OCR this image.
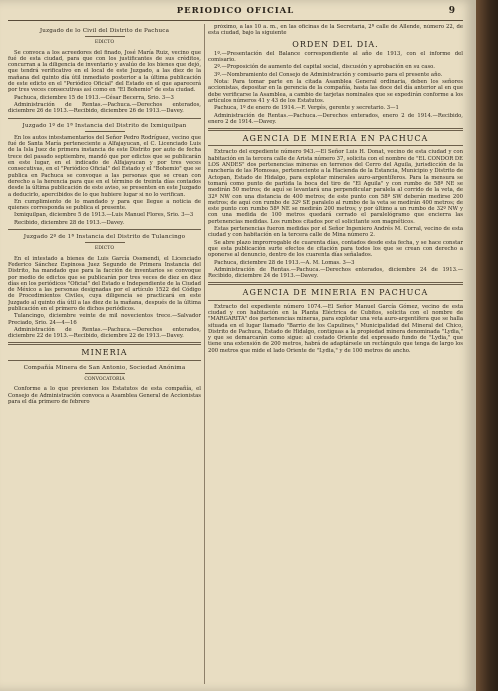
PERIODICO OFICIAL	9
Juzgado de lo Civil del Distrito de Pachuca
EDICTO

Se convoca a los acreedores del finado, José María Ruiz, vecino que fué de esta ciudad, para que con los justificantes de sus créditos, concurran a la diligencia de inventario y avalúo de los bienes que dejó, que tendrá verificativo en el local de este Juzgado, a las diez de la mañana del quinto día útil inmediato posterior a la última publicación de este edicto en el "Periódico Oficial" del Estado en el que aparecerá por tres veces consecutivas así como en "El Bohemio" de esta ciudad.

Pachuca, diciembre 15 de 1913.—César Becerra, Srio. 3—3

Administración de Rentas.—Pachuca.—Derechos enterados, diciembre 26 de 1913.—Recibido, diciembre 26 de 1913.—Davey.

Juzgado 1º de 1ª Instancia del Distrito de Ixmiquilpan

En los autos intestamentarios del Señor Pedro Rodríguez, vecino que fué de Santa María perteneciente a Alfajayucan, el C. Licenciado Luis de la Isla Juez de primera instancia de este Distrito por auto de fecha trece del pasado septiembre, mandó que por edictos que se publicarán en este lugar, en el indicado de Alfajayucan y por tres veces consecutivas, en el "Periódico Oficial" del Estado y el "Bohemio" que se publica en Pachuca se convoque a las personas que se crean con derecho a la herencia para que en el término de treinta días contados desde la última publicación de este aviso, se presenten en este Juzgado a deducirlo, apercibidos de lo que hubiere lugar si no lo verifican.

En cumplimiento de lo mandado y para que llegue a noticia de quienes corresponda se publica el presente.

Ixmiquilpan, diciembre 5 de 1913.—Luis Manuel Flores, Srio. 3—3

Recibido, diciembre 28 de 1913.—Davey.

Juzgado 2º de 1ª Instancia del Distrito de Tulancingo
EDICTO

En el intestado a bienes de Luis García Ossmendi, el Licenciado Federico Sánchez Espinosa Juez Segundo de Primera Instancia del Distrito, ha mandado que para la facción de inventarios se convoque por medio de edictos que se publicarán por tres veces de diez en diez días en los periódicos "Oficial" del Estado e Independiente de la Ciudad de México a las personas designadas por el artículo 1522 del Código de Procedimientos Civiles, cuya diligencia se practicará en este Juzgado al quinto día útil a las diez de la mañana, después de la última publicación en el primero de dichos periódicos.

Tulancingo, diciembre veinte de mil novecientos trece.—Salvador Preciado, Srio. 24—4—16

Administración de Rentas.—Pachuca.—Derechos enterados, diciembre 22 de 1913.—Recibido, diciembre 22 de 1913.—Davey.

MINERIA
Compañía Minera de San Antonio, Sociedad Anónima
CONVOCATORIA

Conforme a lo que previenen los Estatutos de esta compañía, el Consejo de Administración convoca a Asamblea General de Accionistas para el día primero de febrero

próximo, a las 10 a. m., en las oficinas de la Secretaría, 2ª calle de Allende, número 22, de esta ciudad, bajo la siguiente

ORDEN DEL DIA.

1º.—Presentación del Balance correspondiente al año de 1913, con el informe del comisario.

2º.—Proposición de aumento del capital social, discusión y aprobación en su caso.

3º.—Nombramiento del Consejo de Administración y comisario para el presente año.

Nota: Para tomar parte en la citada Asamblea General ordinaria, deben los señores accionistas, depositar en la gerencia de la compañía, hasta las doce del día anterior al en que debe verificarse la Asamblea, a cambio de tarjetas nominales que se expedirán conforme a los artículos números 41 y 43 de los Estatutos.

Pachuca, 1º de enero de 1914.—F. Vergés, gerente y secretario. 3—1

Administración de Rentas.—Pachuca.—Derechos enterados, enero 2 de 1914.—Recibido, enero 2 de 1914.—Davey.

AGENCIA DE MINERIA EN PACHUCA

Extracto del expediente número 943.—El Señor Luis H. Donat, vecino de esta ciudad y con habitación en la tercera calle de Arista número 37, solicita con el nombre de "EL CONDOR DE LOS ANDES" dos pertenencias mineras en terrenos del Cerro del Aguila, jurisdicción de la ranchería de las Plomosas, perteneciente a la Hacienda de la Estancia, Municipio y Distrito de Actopan, Estado de Hidalgo, para explotar minerales auro-argentíferos. Para la mensura se tomará como punto de partida la boca del tiro de "El Aguila" y con rumbo de 58º NE se medirán 50 metros; de aquí se levantará una perpendicular paralela al corrido de la veta, de 32º NW con una distancia de 400 metros; de este punto con 58º SW deberán medirse 200 metros; de aquí con rumbo de 32º SE paralelo al rumbo de la veta se medirán 400 metros; de este punto con rumbo 58º NE se medirán 200 metros; y por último a un rumbo de 32º NW y con una medida de 100 metros quedará cerrado el paralelógramo que encierra las pertenencias medidas. Los rumbos citados por el solicitante son magnéticos.

Estas pertenencias fueron medidas por el Señor Ingeniero Andrés M. Corral, vecino de esta ciudad y con habitación en la tercera calle de Mina número 2.

Se abre plazo improrrogable de cuarenta días, contados desde esta fecha, y se hace constar que esta publicación surte efectos de citación para todos los que se crean con derecho a oponerse al denuncio, dentro de los cuarenta días señalados.

Pachuca, diciembre 28 de 1913.—A. M. Lomas. 3—3

Administración de Rentas.—Pachuca.—Derechos enterados, diciembre 24 de 1913.—Recibido, diciembre 24 de 1913.—Davey.

AGENCIA DE MINERIA EN PACHUCA

Extracto del expediente número 1074.—El Señor Manuel García Gómez, vecino de esta ciudad y con habitación en la Planta Eléctrica de Cubitos, solicita con el nombre de "MARGARITA" dos pertenencias mineras, para explotar una veta auro-argentífera que se halla situada en el lugar llamado "Barrio de los Capulines," Municipalidad del Mineral del Chico, Distrito de Pachuca, Estado de Hidalgo, contiguas a la propiedad minera denominada "Lydia," y que se demarcarán como sigue: al costado Oriente del expresado fundo de "Lydia," que tiene una extensión de 200 metros, habrá de adaptársele un rectángulo que tenga de largo los 200 metros que mide el lado Oriente de "Lydia," y de 100 metros de ancho.
